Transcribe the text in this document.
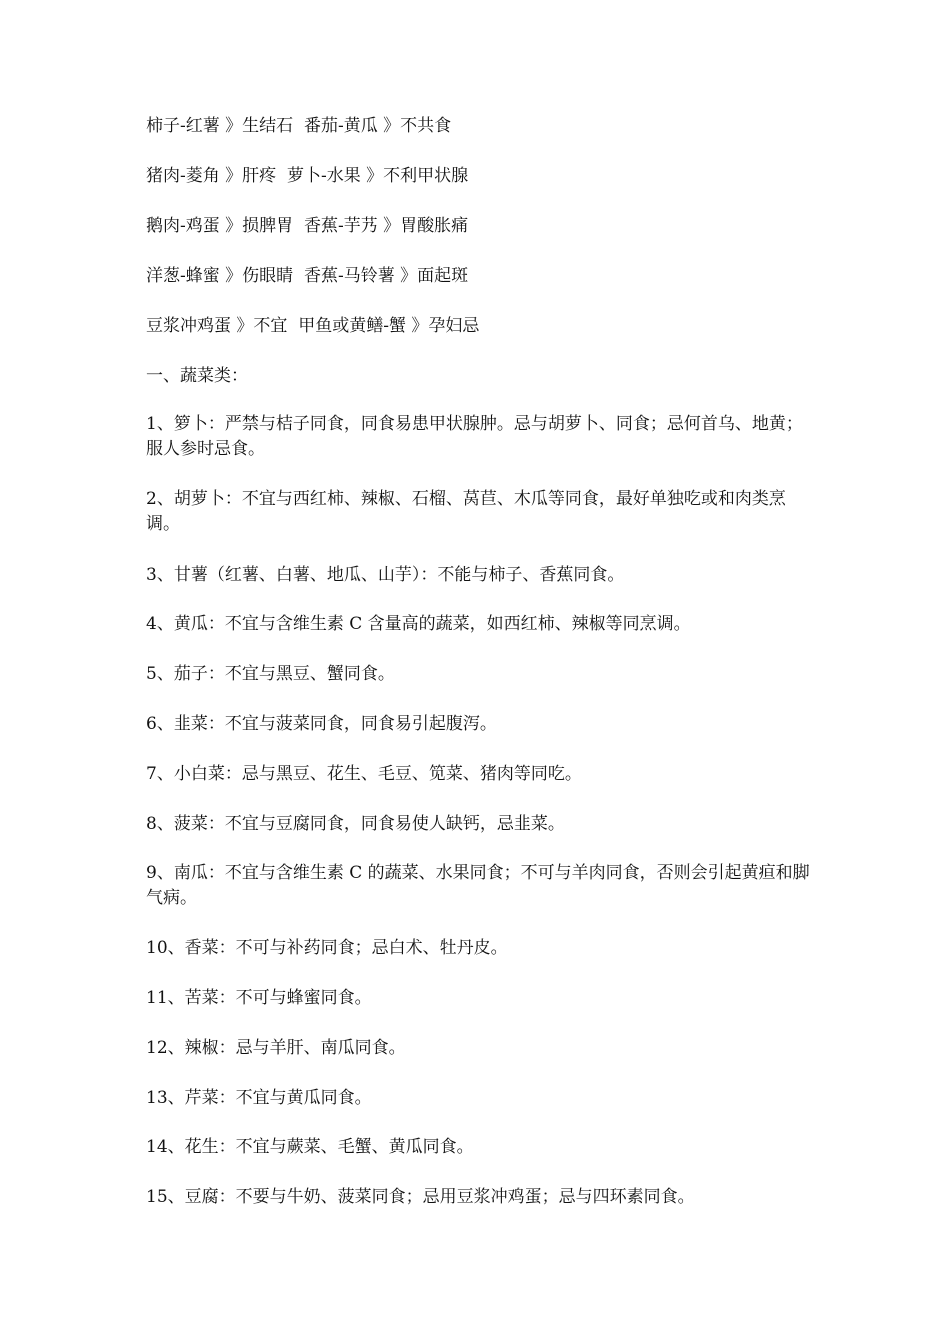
柿子-红薯 》生结石  番茄-黄瓜 》不共食
猪肉-菱角 》肝疼  萝卜-水果 》不利甲状腺
鹅肉-鸡蛋 》损脾胃  香蕉-芋艿 》胃酸胀痛
洋葱-蜂蜜 》伤眼睛  香蕉-马铃薯 》面起斑
豆浆冲鸡蛋 》不宜  甲鱼或黄鳝-蟹 》孕妇忌
一、蔬菜类：
1、箩卜：严禁与桔子同食，同食易患甲状腺肿。忌与胡萝卜、同食；忌何首乌、地黄；服人参时忌食。
2、胡萝卜：不宜与西红柿、辣椒、石榴、莴苣、木瓜等同食，最好单独吃或和肉类烹调。
3、甘薯（红薯、白薯、地瓜、山芋）：不能与柿子、香蕉同食。
4、黄瓜：不宜与含维生素 C 含量高的蔬菜，如西红柿、辣椒等同烹调。
5、茄子：不宜与黑豆、蟹同食。
6、韭菜：不宜与菠菜同食，同食易引起腹泻。
7、小白菜：忌与黑豆、花生、毛豆、笕菜、猪肉等同吃。
8、菠菜：不宜与豆腐同食，同食易使人缺钙，忌韭菜。
9、南瓜：不宜与含维生素 C 的蔬菜、水果同食；不可与羊肉同食，否则会引起黄疸和脚气病。
10、香菜：不可与补药同食；忌白术、牡丹皮。
11、苦菜：不可与蜂蜜同食。
12、辣椒：忌与羊肝、南瓜同食。
13、芹菜：不宜与黄瓜同食。
14、花生：不宜与蕨菜、毛蟹、黄瓜同食。
15、豆腐：不要与牛奶、菠菜同食；忌用豆浆冲鸡蛋；忌与四环素同食。
